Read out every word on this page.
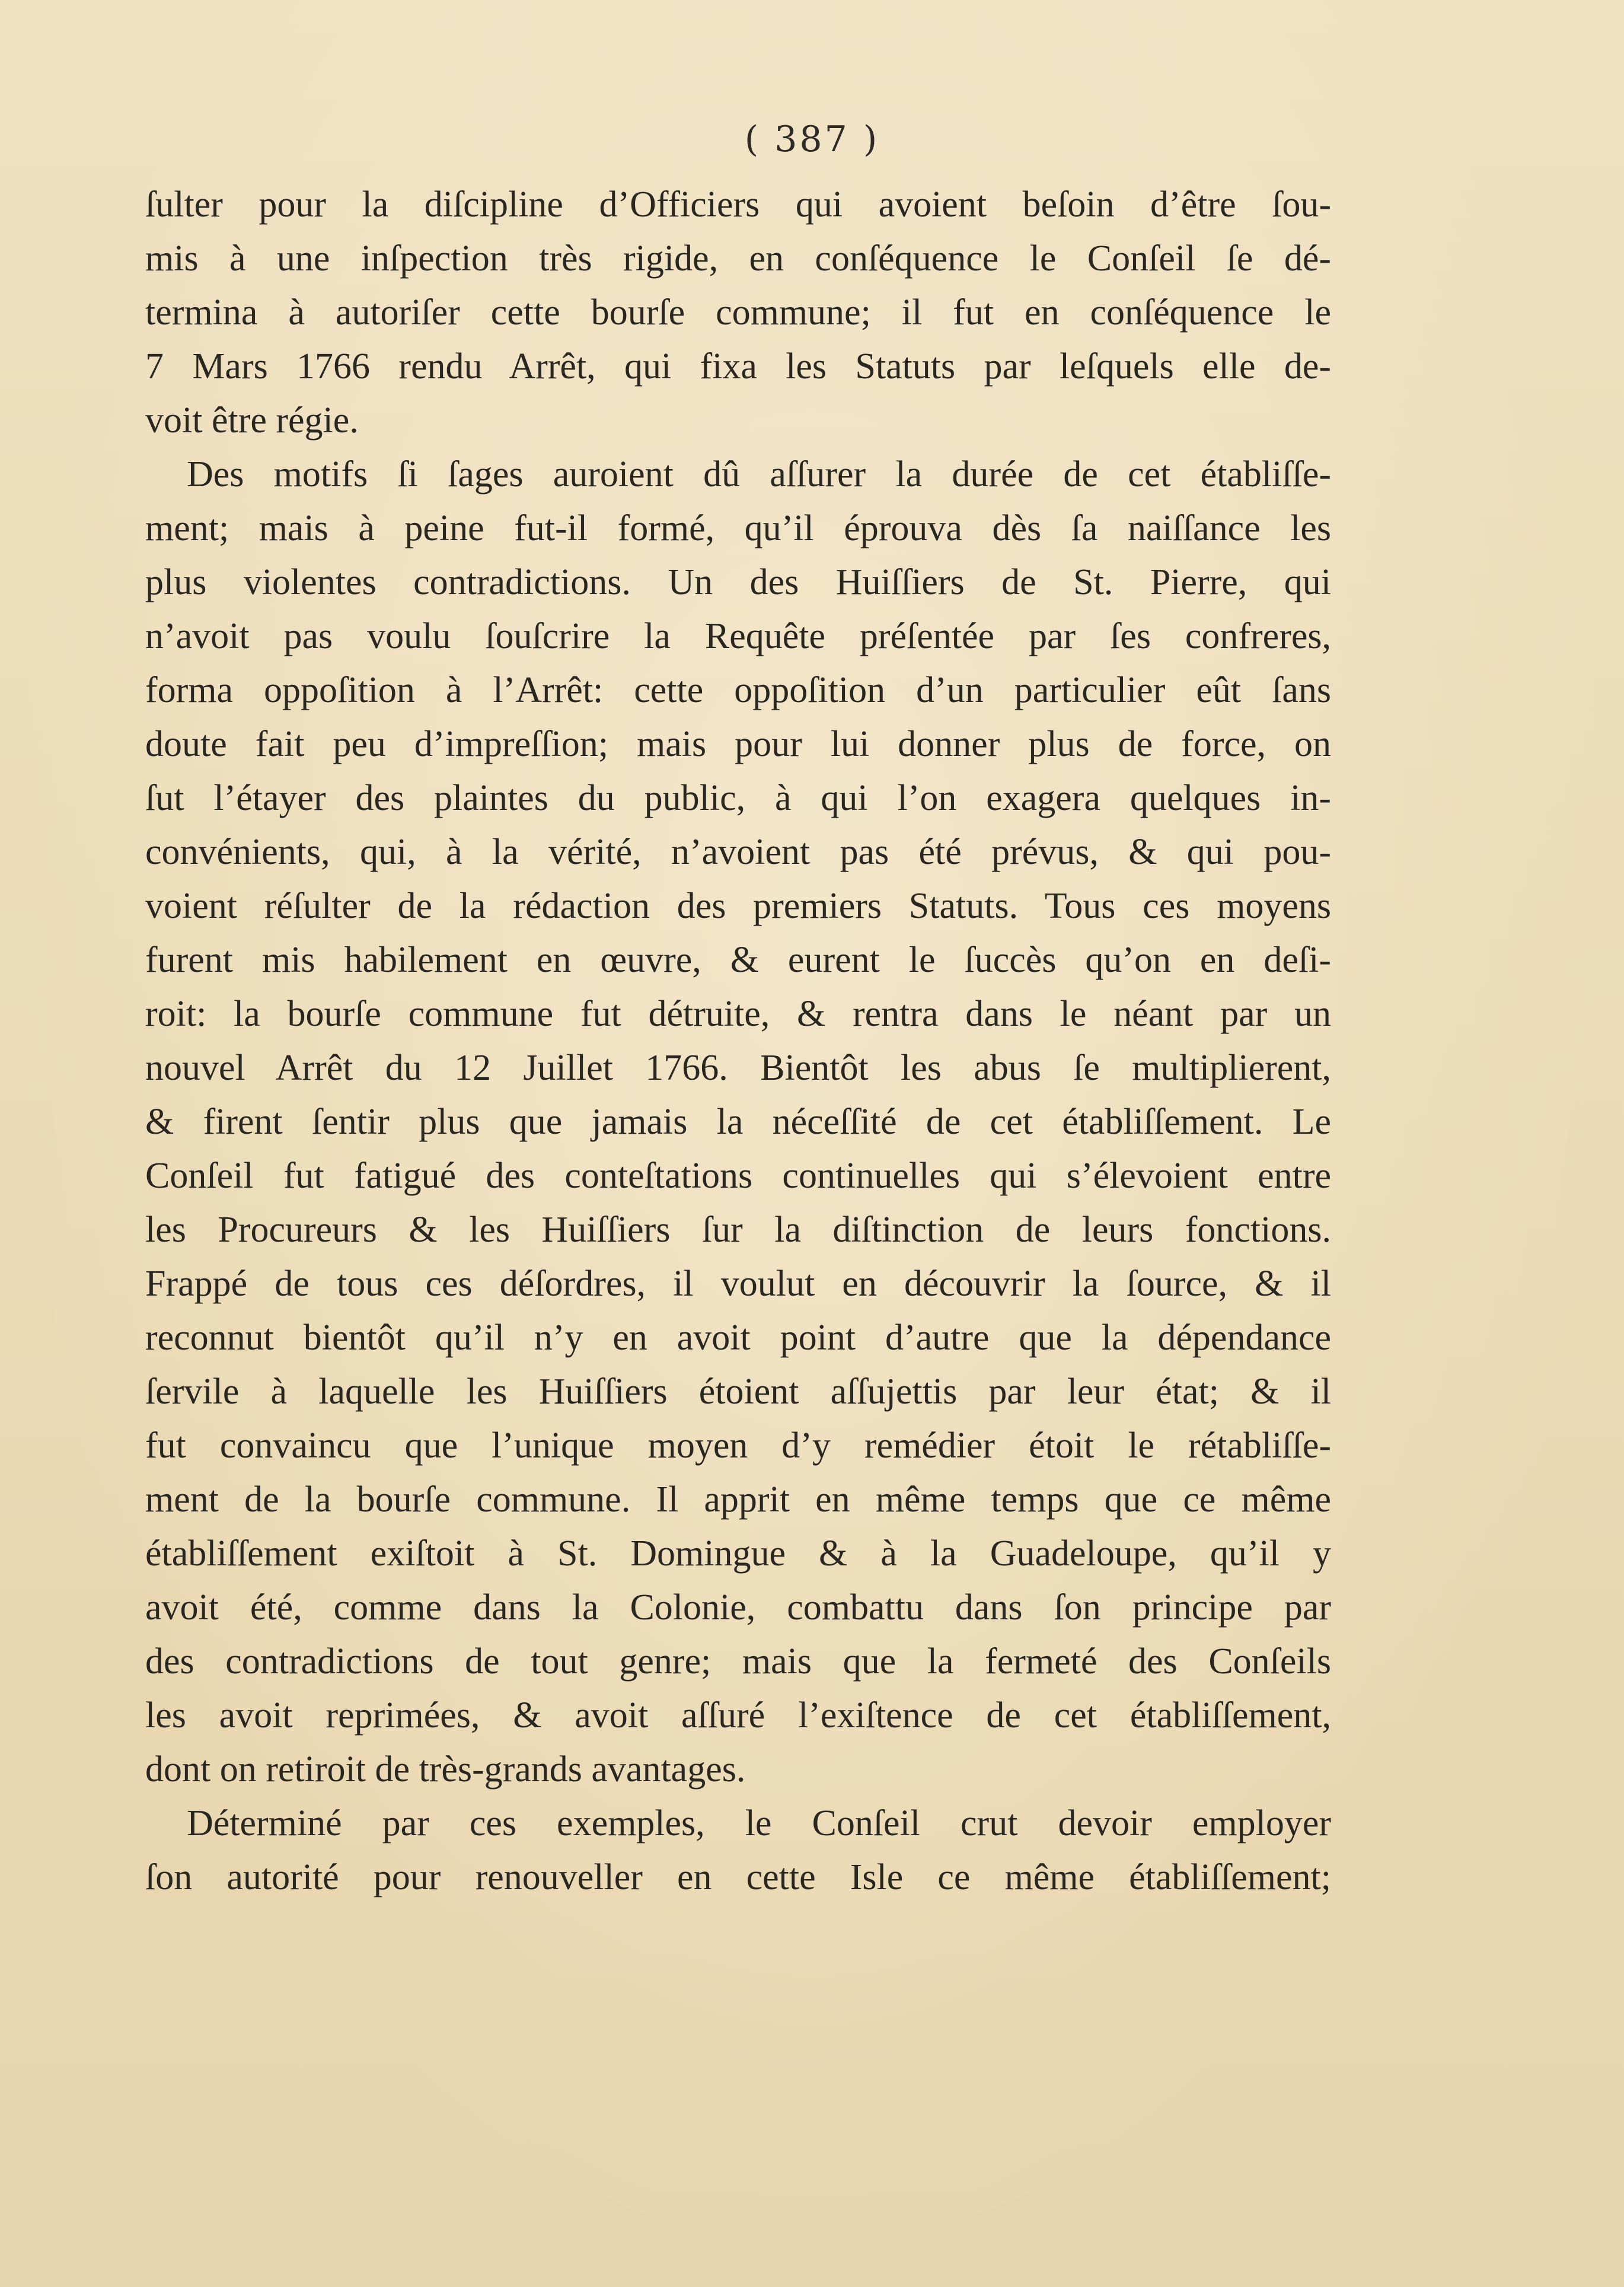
( 387 )
ſulter pour la diſcipline d’Officiers qui avoient beſoin d’être ſou-
mis à une inſpection très rigide, en conſéquence le Conſeil ſe dé-
termina à autoriſer cette bourſe commune; il fut en conſéquence le
7 Mars 1766 rendu Arrêt, qui fixa les Statuts par leſquels elle de-
voit être régie.
Des motifs ſi ſages auroient dû aſſurer la durée de cet établiſſe-
ment; mais à peine fut-il formé, qu’il éprouva dès ſa naiſſance les
plus violentes contradictions. Un des Huiſſiers de St. Pierre, qui
n’avoit pas voulu ſouſcrire la Requête préſentée par ſes confreres,
forma oppoſition à l’Arrêt: cette oppoſition d’un particulier eût ſans
doute fait peu d’impreſſion; mais pour lui donner plus de force, on
ſut l’étayer des plaintes du public, à qui l’on exagera quelques in-
convénients, qui, à la vérité, n’avoient pas été prévus, & qui pou-
voient réſulter de la rédaction des premiers Statuts. Tous ces moyens
furent mis habilement en œuvre, & eurent le ſuccès qu’on en deſi-
roit: la bourſe commune fut détruite, & rentra dans le néant par un
nouvel Arrêt du 12 Juillet 1766. Bientôt les abus ſe multiplierent,
& firent ſentir plus que jamais la néceſſité de cet établiſſement. Le
Conſeil fut fatigué des conteſtations continuelles qui s’élevoient entre
les Procureurs & les Huiſſiers ſur la diſtinction de leurs fonctions.
Frappé de tous ces déſordres, il voulut en découvrir la ſource, & il
reconnut bientôt qu’il n’y en avoit point d’autre que la dépendance
ſervile à laquelle les Huiſſiers étoient aſſujettis par leur état; & il
fut convaincu que l’unique moyen d’y remédier étoit le rétabliſſe-
ment de la bourſe commune. Il apprit en même temps que ce même
établiſſement exiſtoit à St. Domingue & à la Guadeloupe, qu’il y
avoit été, comme dans la Colonie, combattu dans ſon principe par
des contradictions de tout genre; mais que la fermeté des Conſeils
les avoit reprimées, & avoit aſſuré l’exiſtence de cet établiſſement,
dont on retiroit de très-grands avantages.
Déterminé par ces exemples, le Conſeil crut devoir employer
ſon autorité pour renouveller en cette Isle ce même établiſſement;
